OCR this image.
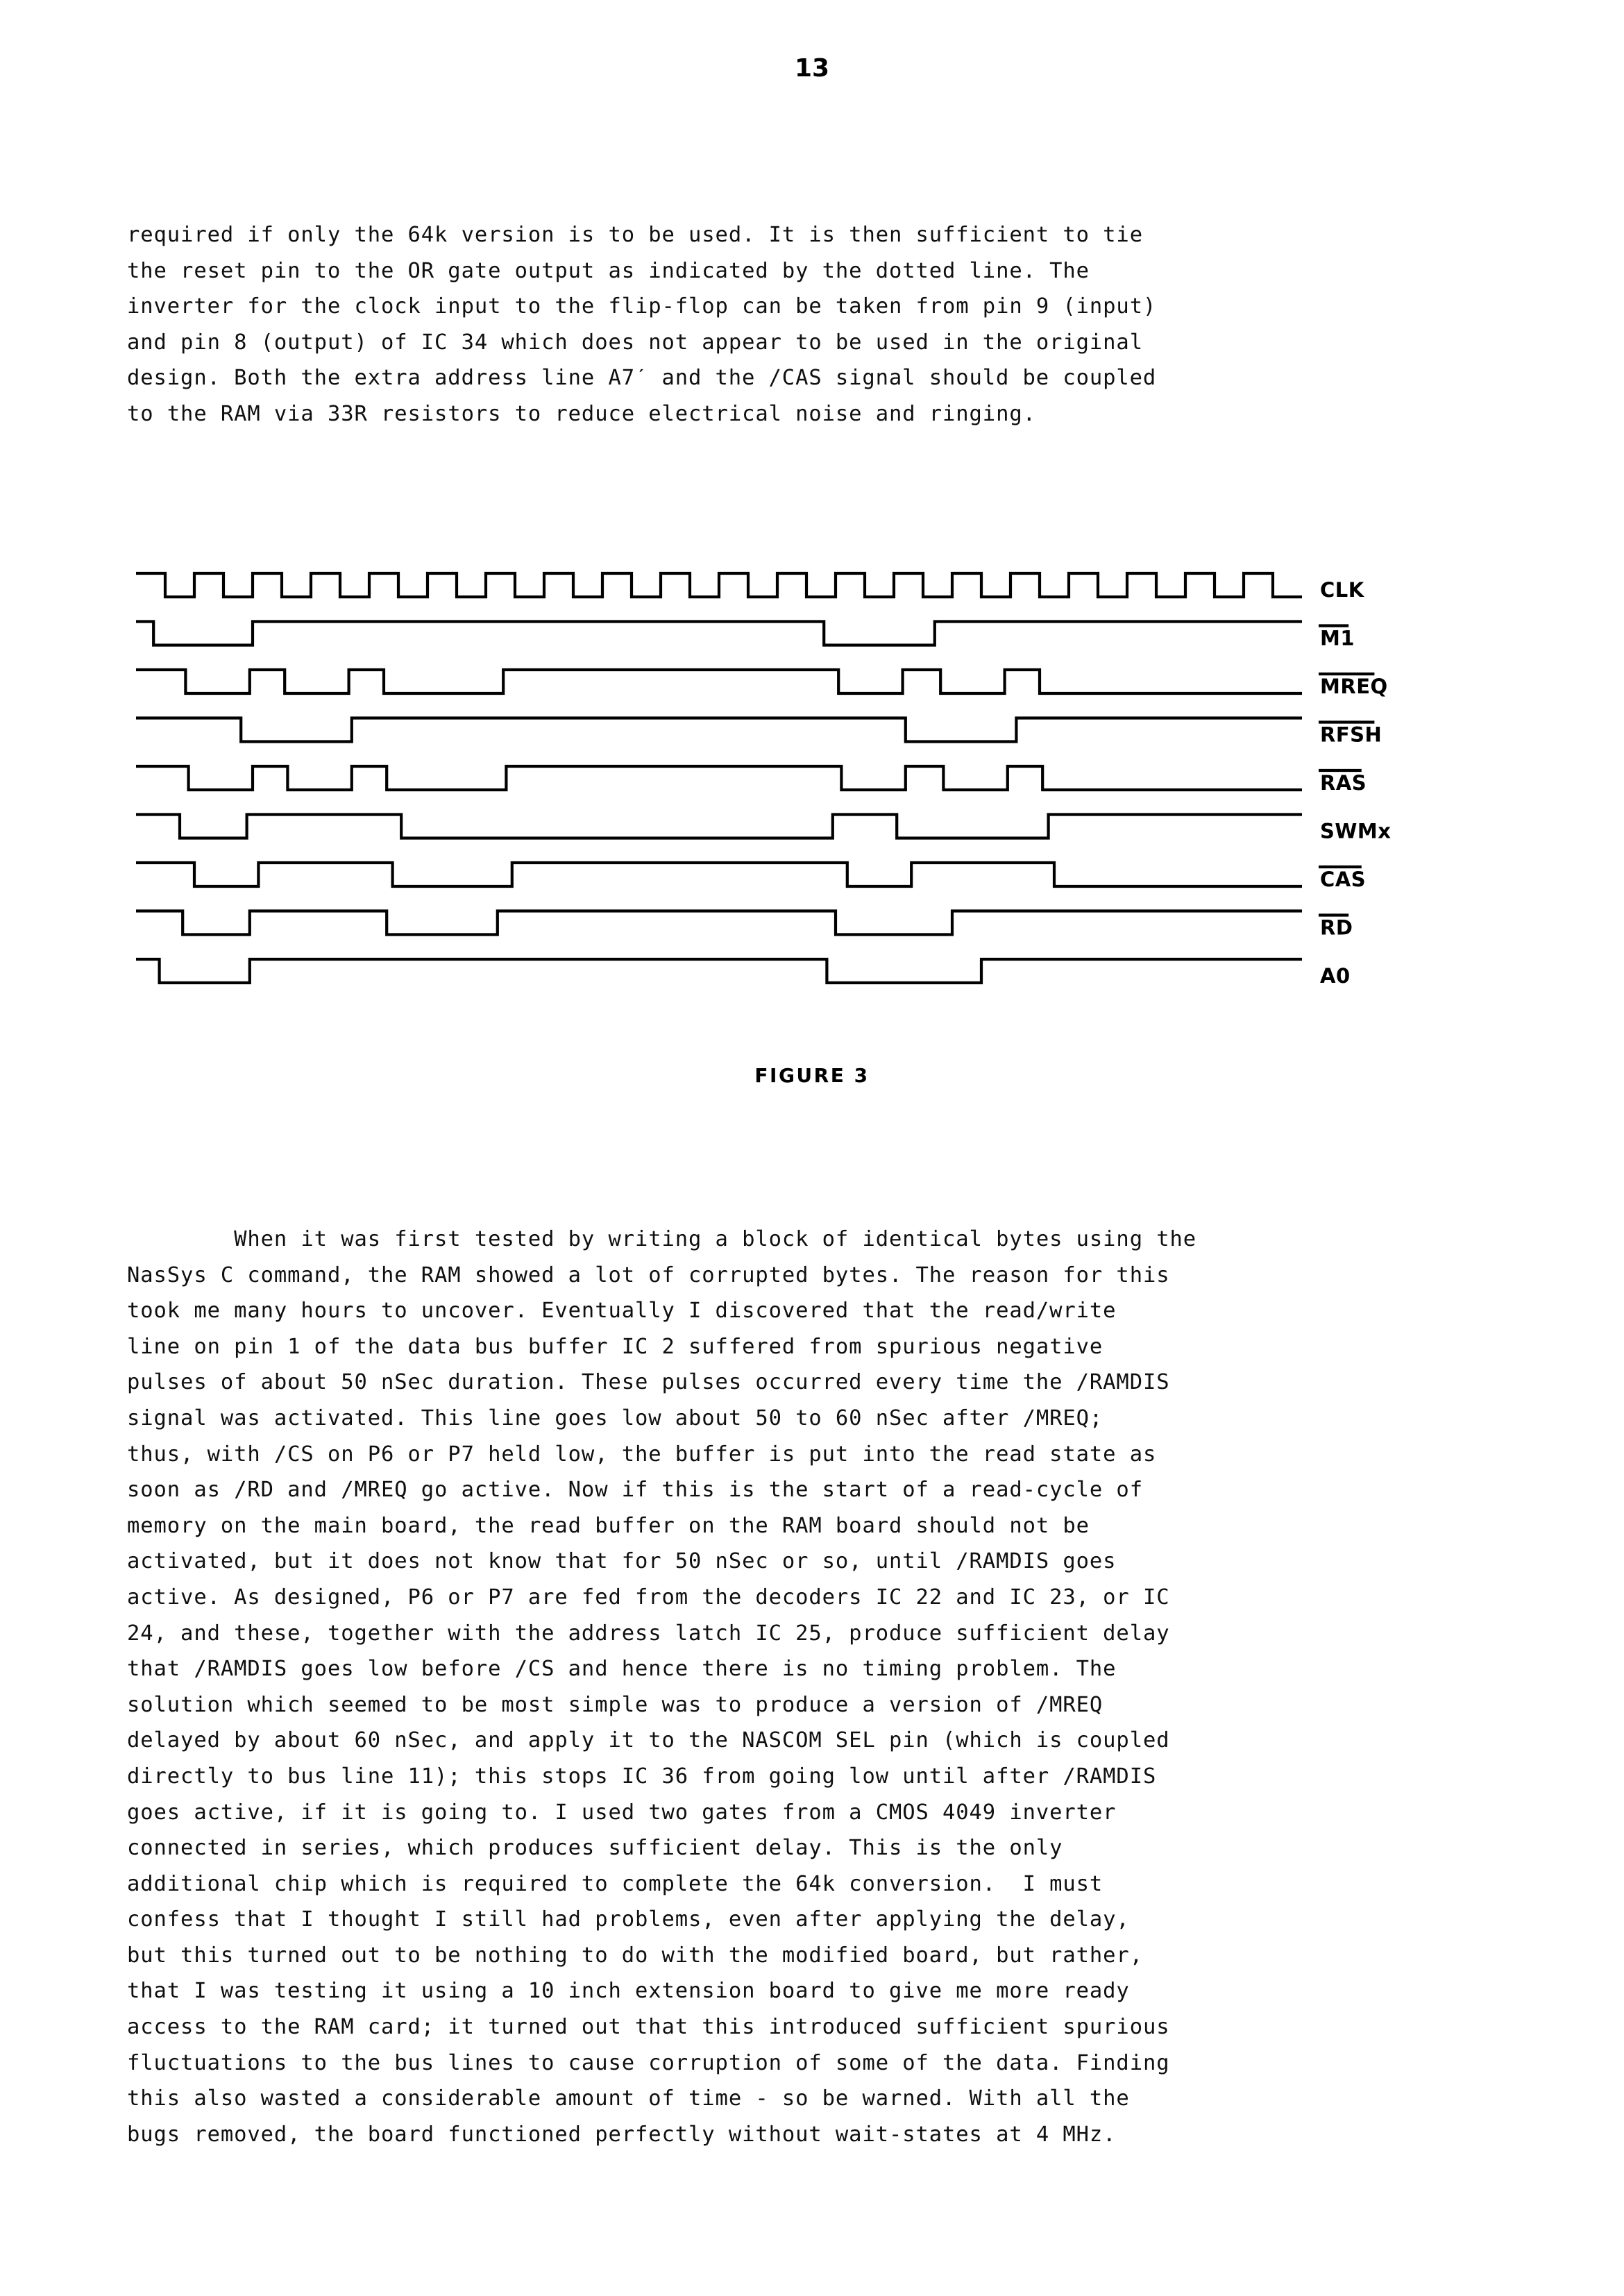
13
required if only the 64k version is to be used. It is then sufficient to tie
the reset pin to the OR gate output as indicated by the dotted line. The
inverter for the clock input to the flip-flop can be taken from pin 9 (input)
and pin 8 (output) of IC 34 which does not appear to be used in the original
design. Both the extra address line A7ˊ and the /CAS signal should be coupled
to the RAM via 33R resistors to reduce electrical noise and ringing.
CLK
M1
MREQ
RFSH
RAS
SWMx
CAS
RD
A0
FIGURE 3
When it was first tested by writing a block of identical bytes using the
NasSys C command, the RAM showed a lot of corrupted bytes. The reason for this
took me many hours to uncover. Eventually I discovered that the read/write
line on pin 1 of the data bus buffer IC 2 suffered from spurious negative
pulses of about 50 nSec duration. These pulses occurred every time the /RAMDIS
signal was activated. This line goes low about 50 to 60 nSec after /MREQ;
thus, with /CS on P6 or P7 held low, the buffer is put into the read state as
soon as /RD and /MREQ go active. Now if this is the start of a read-cycle of
memory on the main board, the read buffer on the RAM board should not be
activated, but it does not know that for 50 nSec or so, until /RAMDIS goes
active. As designed, P6 or P7 are fed from the decoders IC 22 and IC 23, or IC
24, and these, together with the address latch IC 25, produce sufficient delay
that /RAMDIS goes low before /CS and hence there is no timing problem. The
solution which seemed to be most simple was to produce a version of /MREQ
delayed by about 60 nSec, and apply it to the NASCOM SEL pin (which is coupled
directly to bus line 11); this stops IC 36 from going low until after /RAMDIS
goes active, if it is going to. I used two gates from a CMOS 4049 inverter
connected in series, which produces sufficient delay. This is the only
additional chip which is required to complete the 64k conversion.  I must
confess that I thought I still had problems, even after applying the delay,
but this turned out to be nothing to do with the modified board, but rather,
that I was testing it using a 10 inch extension board to give me more ready
access to the RAM card; it turned out that this introduced sufficient spurious
fluctuations to the bus lines to cause corruption of some of the data. Finding
this also wasted a considerable amount of time - so be warned. With all the
bugs removed, the board functioned perfectly without wait-states at 4 MHz.
